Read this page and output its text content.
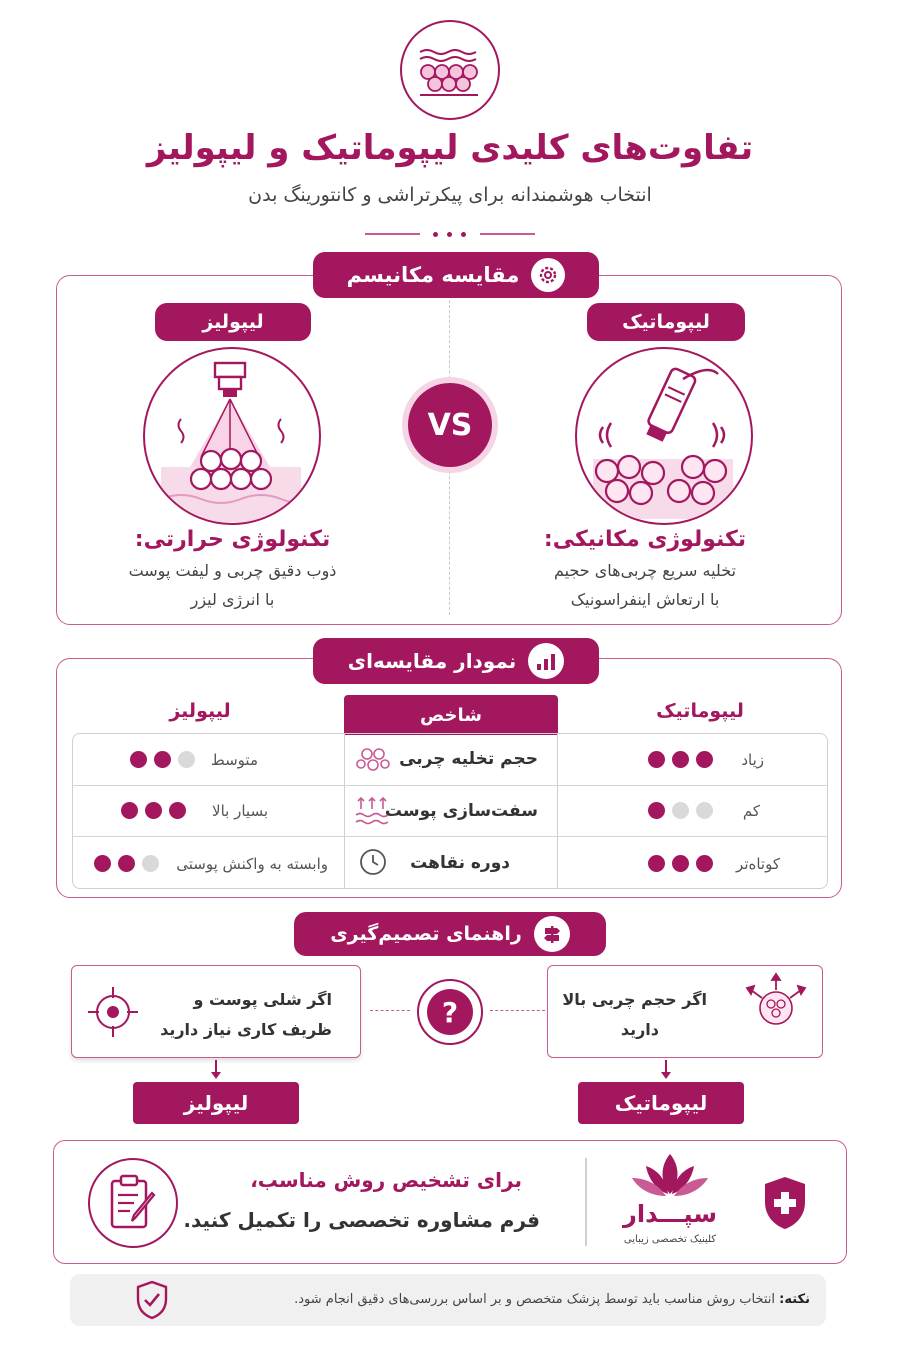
تفاوت‌های کلیدی لیپوماتیک و لیپولیز
انتخاب هوشمندانه برای پیکرتراشی و کانتورینگ بدن
مقایسه مکانیسم
لیپوماتیک
تکنولوژی مکانیکی:
تخلیه سریع چربی‌های حجیم
با ارتعاش اینفراسونیک
VS
لیپولیز
تکنولوژی حرارتی:
ذوب دقیق چربی و لیفت پوست
با انرژی لیزر
نمودار مقایسه‌ای
لیپوماتیک
شاخص
لیپولیز
زیاد
حجم تخلیه چربی
متوسط
کم
سفت‌سازی پوست
بسیار بالا
کوتاه‌تر
دوره نقاهت
وابسته به واکنش پوستی
راهنمای تصمیم‌گیری
اگر حجم چربی بالا
دارید
?
اگر شلی پوست و
ظریف کاری نیاز دارید
لیپوماتیک
لیپولیز
سپـــدار
کلینیک تخصصی زیبایی
برای تشخیص روش مناسب،
فرم مشاوره تخصصی را تکمیل کنید.
نکته: انتخاب روش مناسب باید توسط پزشک متخصص و بر اساس بررسی‌های دقیق انجام شود.
